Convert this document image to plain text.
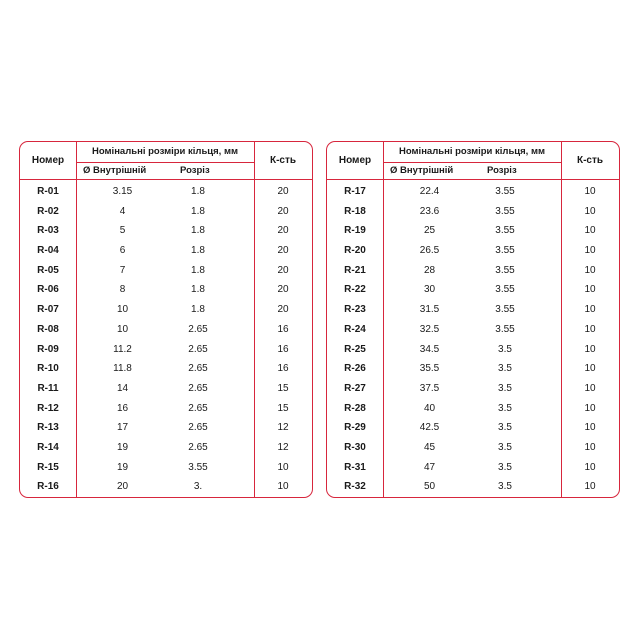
Номер
Номінальні розміри кільця, мм
Ø Внутрішній	Розріз
К-сть
R-01	3.15	1.8	20
R-02	4	1.8	20
R-03	5	1.8	20
R-04	6	1.8	20
R-05	7	1.8	20
R-06	8	1.8	20
R-07	10	1.8	20
R-08	10	2.65	16
R-09	11.2	2.65	16
R-10	11.8	2.65	16
R-11	14	2.65	15
R-12	16	2.65	15
R-13	17	2.65	12
R-14	19	2.65	12
R-15	19	3.55	10
R-16	20	3.	10
Номер
Номінальні розміри кільця, мм
Ø Внутрішній	Розріз
К-сть
R-17	22.4	3.55	10
R-18	23.6	3.55	10
R-19	25	3.55	10
R-20	26.5	3.55	10
R-21	28	3.55	10
R-22	30	3.55	10
R-23	31.5	3.55	10
R-24	32.5	3.55	10
R-25	34.5	3.5	10
R-26	35.5	3.5	10
R-27	37.5	3.5	10
R-28	40	3.5	10
R-29	42.5	3.5	10
R-30	45	3.5	10
R-31	47	3.5	10
R-32	50	3.5	10
